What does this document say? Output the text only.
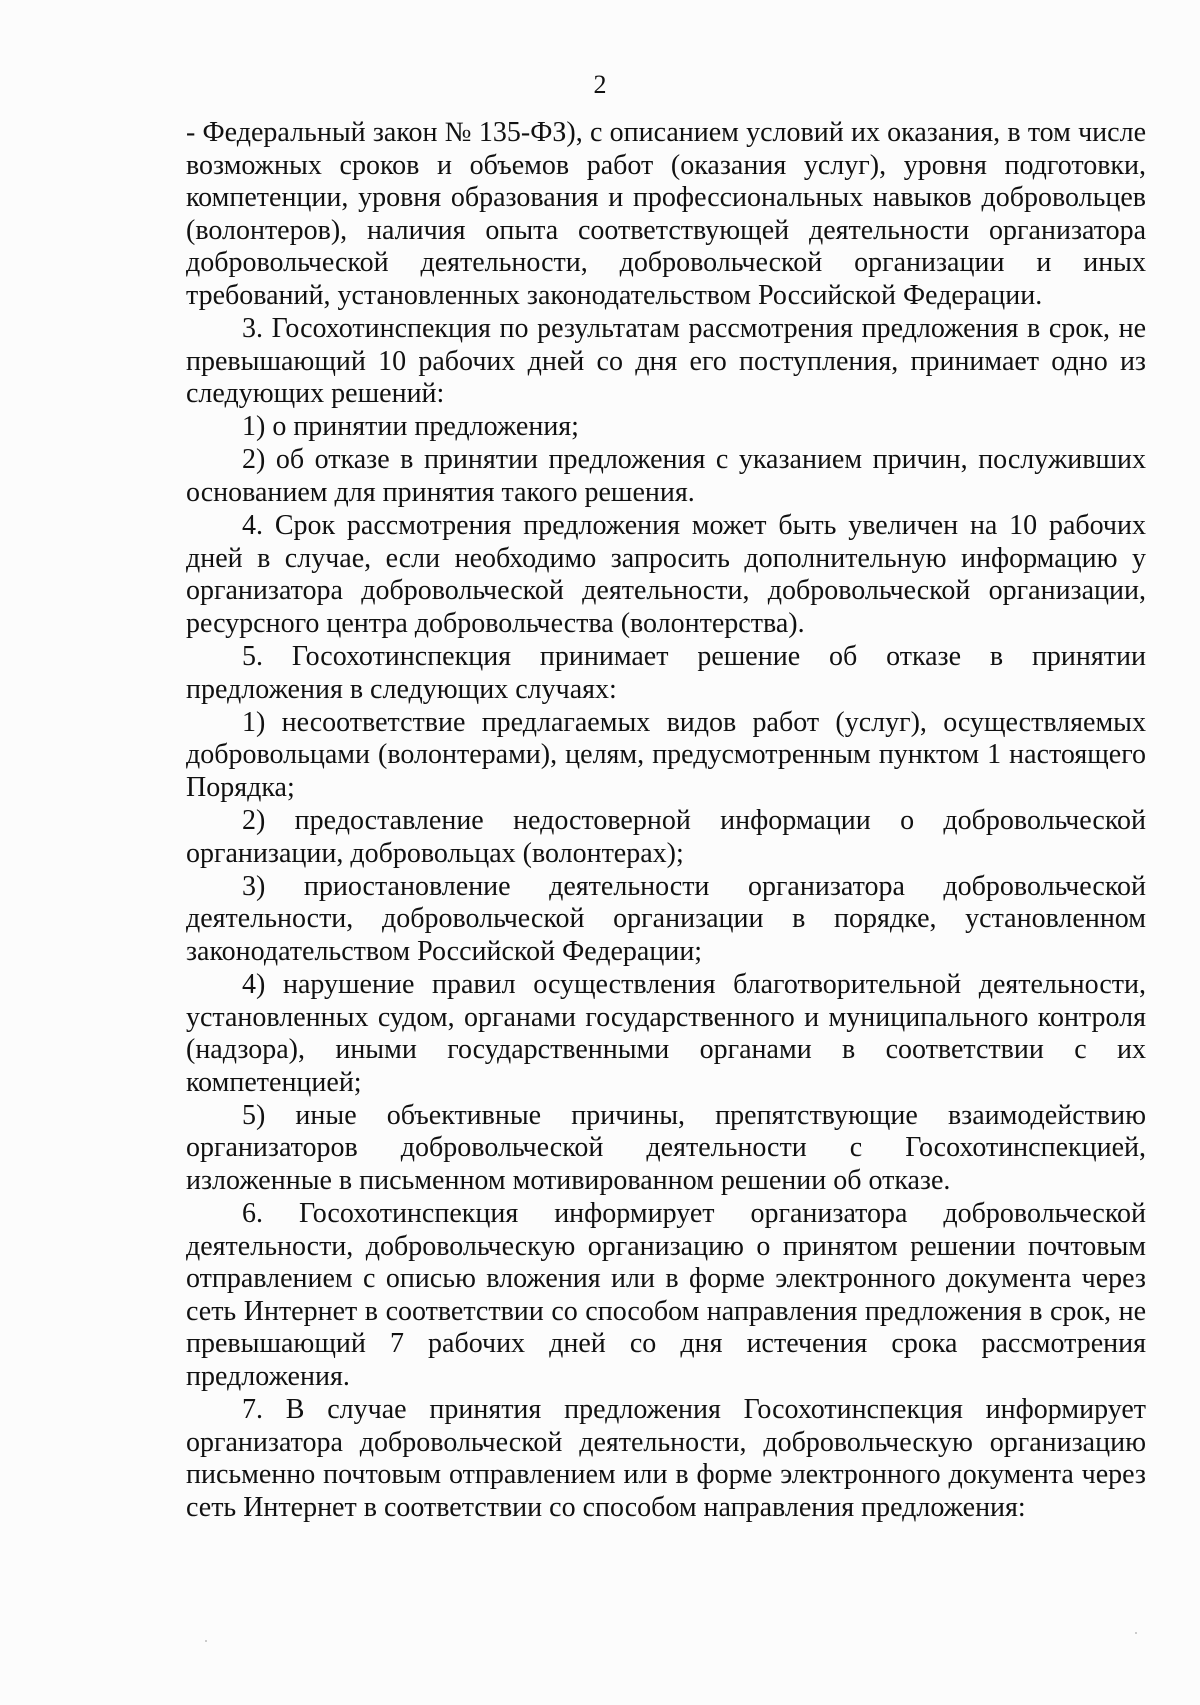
2

- Федеральный закон № 135-ФЗ), с описанием условий их оказания, в том числе возможных сроков и объемов работ (оказания услуг), уровня подготовки, компетенции, уровня образования и профессиональных навыков добровольцев (волонтеров), наличия опыта соответствующей деятельности организатора добровольческой деятельности, добровольческой организации и иных требований, установленных законодательством Российской Федерации.

3. Госохотинспекция по результатам рассмотрения предложения в срок, не превышающий 10 рабочих дней со дня его поступления, принимает одно из следующих решений:

1) о принятии предложения;

2) об отказе в принятии предложения с указанием причин, послуживших основанием для принятия такого решения.

4. Срок рассмотрения предложения может быть увеличен на 10 рабочих дней в случае, если необходимо запросить дополнительную информацию у организатора добровольческой деятельности, добровольческой организации, ресурсного центра добровольчества (волонтерства).

5. Госохотинспекция принимает решение об отказе в принятии предложения в следующих случаях:

1) несоответствие предлагаемых видов работ (услуг), осуществляемых добровольцами (волонтерами), целям, предусмотренным пунктом 1 настоящего Порядка;

2) предоставление недостоверной информации о добровольческой организации, добровольцах (волонтерах);

3) приостановление деятельности организатора добровольческой деятельности, добровольческой организации в порядке, установленном законодательством Российской Федерации;

4) нарушение правил осуществления благотворительной деятельности, установленных судом, органами государственного и муниципального контроля (надзора), иными государственными органами в соответствии с их компетенцией;

5) иные объективные причины, препятствующие взаимодействию организаторов добровольческой деятельности с Госохотинспекцией, изложенные в письменном мотивированном решении об отказе.

6. Госохотинспекция информирует организатора добровольческой деятельности, добровольческую организацию о принятом решении почтовым отправлением с описью вложения или в форме электронного документа через сеть Интернет в соответствии со способом направления предложения в срок, не превышающий 7 рабочих дней со дня истечения срока рассмотрения предложения.

7. В случае принятия предложения Госохотинспекция информирует организатора добровольческой деятельности, добровольческую организацию письменно почтовым отправлением или в форме электронного документа через сеть Интернет в соответствии со способом направления предложения:
